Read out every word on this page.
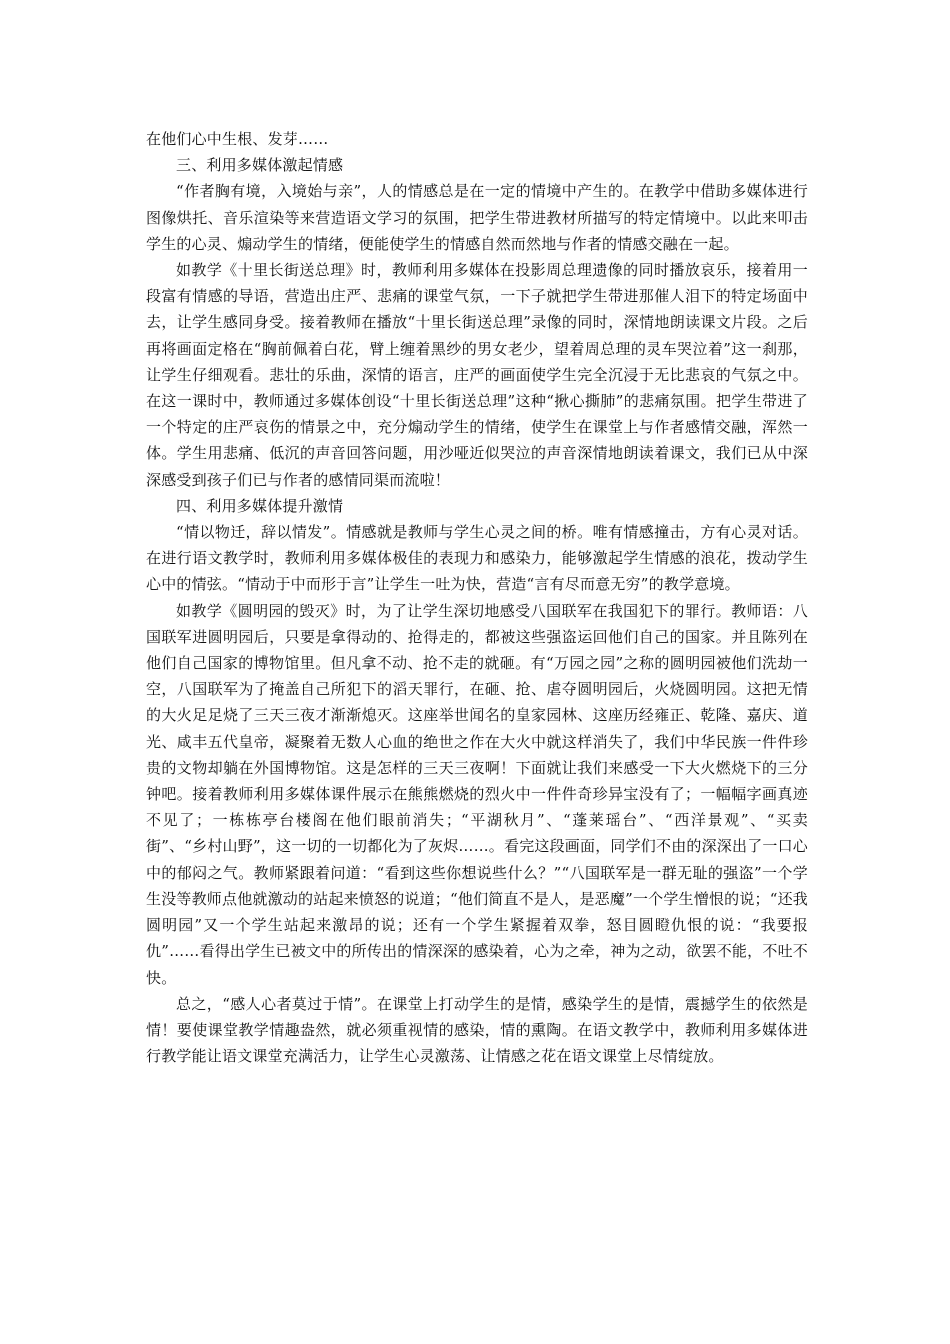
在他们心中生根、发芽……

三、利用多媒体激起情感

“作者胸有境，入境始与亲”，人的情感总是在一定的情境中产生的。在教学中借助多媒体进行图像烘托、音乐渲染等来营造语文学习的氛围，把学生带进教材所描写的特定情境中。以此来叩击学生的心灵、煽动学生的情绪，便能使学生的情感自然而然地与作者的情感交融在一起。

如教学《十里长街送总理》时，教师利用多媒体在投影周总理遗像的同时播放哀乐，接着用一段富有情感的导语，营造出庄严、悲痛的课堂气氛，一下子就把学生带进那催人泪下的特定场面中去，让学生感同身受。接着教师在播放“十里长街送总理”录像的同时，深情地朗读课文片段。之后再将画面定格在“胸前佩着白花，臂上缠着黑纱的男女老少，望着周总理的灵车哭泣着”这一刹那，让学生仔细观看。悲壮的乐曲，深情的语言，庄严的画面使学生完全沉浸于无比悲哀的气氛之中。在这一课时中，教师通过多媒体创设“十里长街送总理”这种“揪心撕肺”的悲痛氛围。把学生带进了一个特定的庄严哀伤的情景之中，充分煽动学生的情绪，使学生在课堂上与作者感情交融，浑然一体。学生用悲痛、低沉的声音回答问题，用沙哑近似哭泣的声音深情地朗读着课文，我们已从中深深感受到孩子们已与作者的感情同渠而流啦！

四、利用多媒体提升激情

“情以物迁，辞以情发”。情感就是教师与学生心灵之间的桥。唯有情感撞击，方有心灵对话。在进行语文教学时，教师利用多媒体极佳的表现力和感染力，能够激起学生情感的浪花，拨动学生心中的情弦。“情动于中而形于言”让学生一吐为快，营造“言有尽而意无穷”的教学意境。

如教学《圆明园的毁灭》时，为了让学生深切地感受八国联军在我国犯下的罪行。教师语：八国联军进圆明园后，只要是拿得动的、抢得走的，都被这些强盗运回他们自己的国家。并且陈列在他们自己国家的博物馆里。但凡拿不动、抢不走的就砸。有“万园之园”之称的圆明园被他们洗劫一空，八国联军为了掩盖自己所犯下的滔天罪行，在砸、抢、虐夺圆明园后，火烧圆明园。这把无情的大火足足烧了三天三夜才渐渐熄灭。这座举世闻名的皇家园林、这座历经雍正、乾隆、嘉庆、道光、咸丰五代皇帝，凝聚着无数人心血的绝世之作在大火中就这样消失了，我们中华民族一件件珍贵的文物却躺在外国博物馆。这是怎样的三天三夜啊！下面就让我们来感受一下大火燃烧下的三分钟吧。接着教师利用多媒体课件展示在熊熊燃烧的烈火中一件件奇珍异宝没有了；一幅幅字画真迹不见了；一栋栋亭台楼阁在他们眼前消失；“平湖秋月”、“蓬莱瑶台”、“西洋景观”、“买卖街”、“乡村山野”，这一切的一切都化为了灰烬……。看完这段画面，同学们不由的深深出了一口心中的郁闷之气。教师紧跟着问道：“看到这些你想说些什么？”“八国联军是一群无耻的强盗”一个学生没等教师点他就激动的站起来愤怒的说道；“他们简直不是人，是恶魔”一个学生憎恨的说；“还我圆明园”又一个学生站起来激昂的说；还有一个学生紧握着双拳，怒目圆瞪仇恨的说：“我要报仇”……看得出学生已被文中的所传出的情深深的感染着，心为之牵，神为之动，欲罢不能，不吐不快。

总之，“感人心者莫过于情”。在课堂上打动学生的是情，感染学生的是情，震撼学生的依然是情！要使课堂教学情趣盎然，就必须重视情的感染，情的熏陶。在语文教学中，教师利用多媒体进行教学能让语文课堂充满活力，让学生心灵激荡、让情感之花在语文课堂上尽情绽放。
